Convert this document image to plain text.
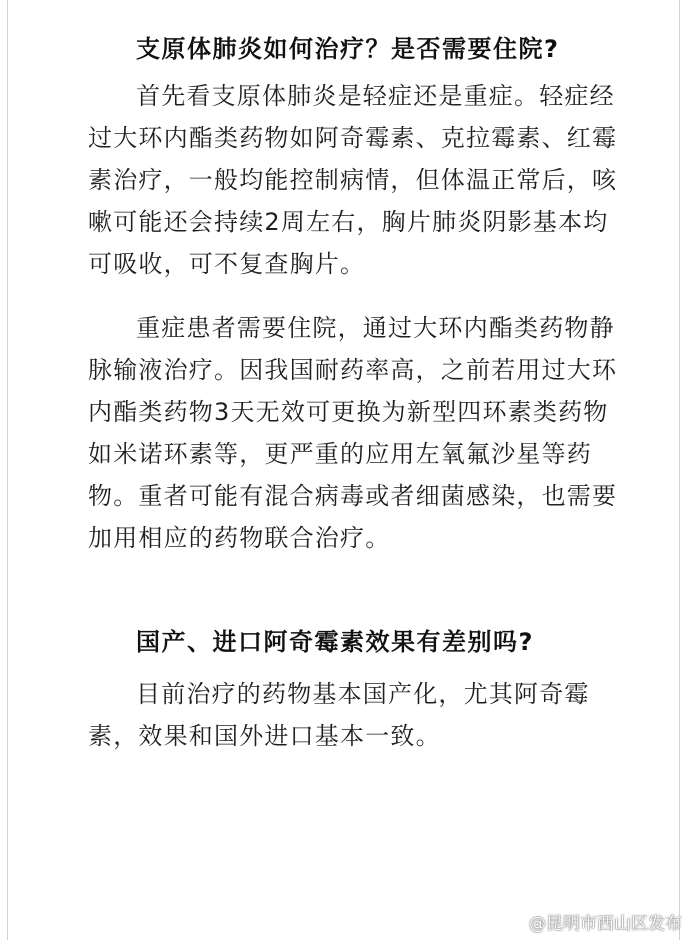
支原体肺炎如何治疗？是否需要住院?

首先看支原体肺炎是轻症还是重症。轻症经过大环内酯类药物如阿奇霉素、克拉霉素、红霉素治疗，一般均能控制病情，但体温正常后，咳嗽可能还会持续2周左右，胸片肺炎阴影基本均可吸收，可不复查胸片。

重症患者需要住院，通过大环内酯类药物静脉输液治疗。因我国耐药率高，之前若用过大环内酯类药物3天无效可更换为新型四环素类药物如米诺环素等，更严重的应用左氧氟沙星等药物。重者可能有混合病毒或者细菌感染，也需要加用相应的药物联合治疗。

国产、进口阿奇霉素效果有差别吗?

目前治疗的药物基本国产化，尤其阿奇霉素，效果和国外进口基本一致。

@昆明市西山区发布
